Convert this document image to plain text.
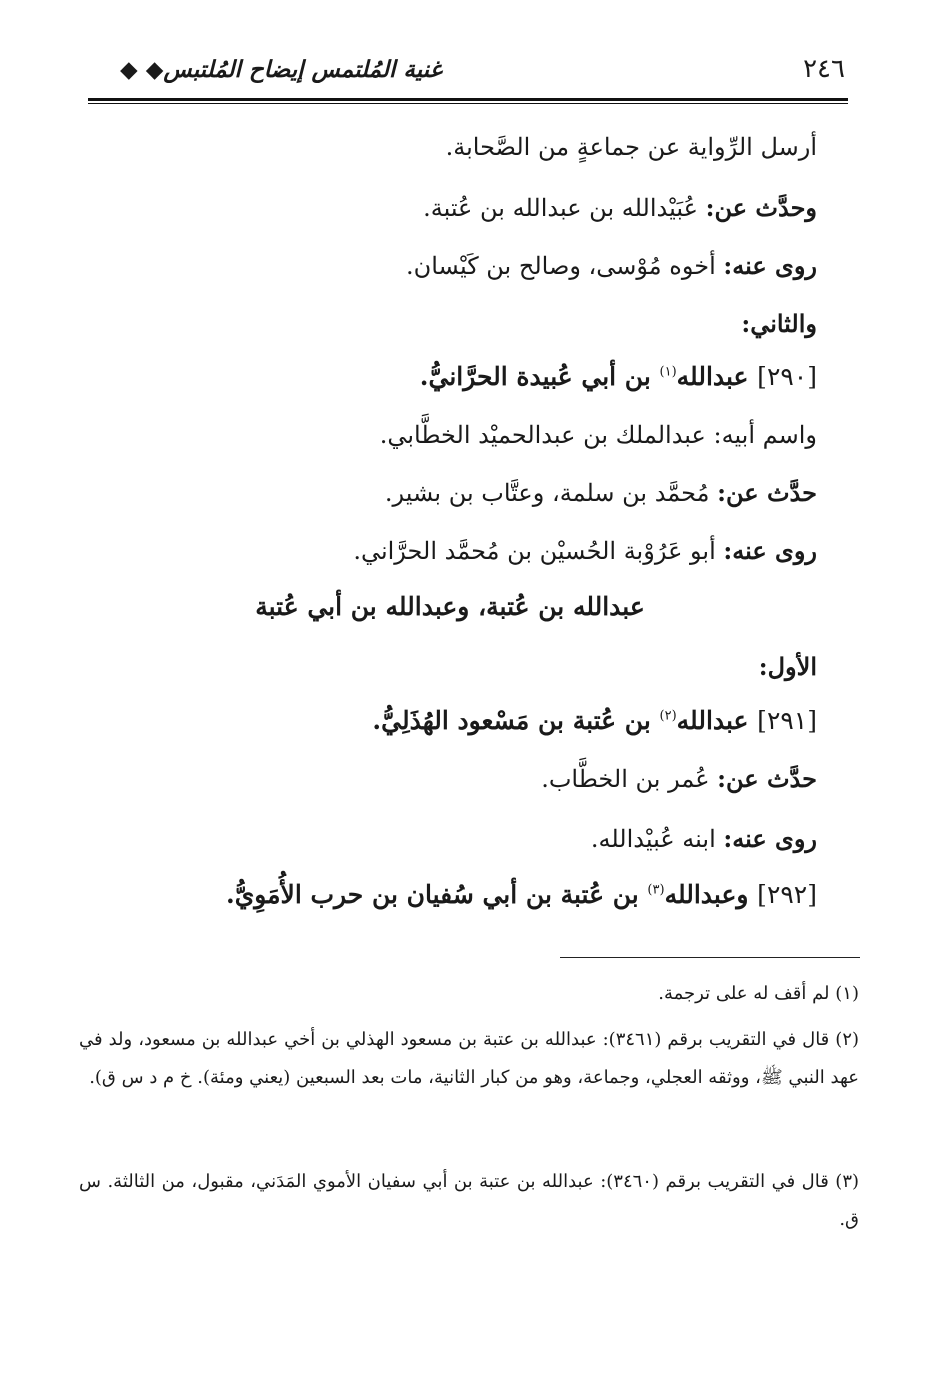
٢٤٦
غنية المُلتمس إيضاح المُلتبس◆ ◆
أرسل الرِّواية عن جماعةٍ من الصَّحابة.
وحدَّث عن: عُبَيْدالله بن عبدالله بن عُتبة.
روى عنه: أخوه مُوْسى، وصالح بن كَيْسان.
والثاني:
[٢٩٠] عبدالله$^{(١)}$ بن أبي عُبيدة الحرَّانيُّ.
واسم أبيه: عبدالملك بن عبدالحميْد الخطَّابي.
حدَّث عن: مُحمَّد بن سلمة، وعتَّاب بن بشير.
روى عنه: أبو عَرُوْبة الحُسيْن بن مُحمَّد الحرَّاني.
عبدالله بن عُتبة، وعبدالله بن أبي عُتبة
الأول:
[٢٩١] عبدالله$^{(٢)}$ بن عُتبة بن مَسْعود الهُذَلِيُّ.
حدَّث عن: عُمر بن الخطَّاب.
روى عنه: ابنه عُبيْدالله.
[٢٩٢] وعبدالله$^{(٣)}$ بن عُتبة بن أبي سُفيان بن حرب الأُمَوِيُّ.
(١) لم أقف له على ترجمة.
(٢) قال في التقريب برقم (٣٤٦١): عبدالله بن عتبة بن مسعود الهذلي بن أخي عبدالله بن مسعود، ولد في عهد النبي ﷺ، ووثقه العجلي، وجماعة، وهو من كبار الثانية، مات بعد السبعين (يعني ومئة). خ م د س ق).
(٣) قال في التقريب برقم (٣٤٦٠): عبدالله بن عتبة بن أبي سفيان الأموي المَدَني، مقبول، من الثالثة. س ق.
